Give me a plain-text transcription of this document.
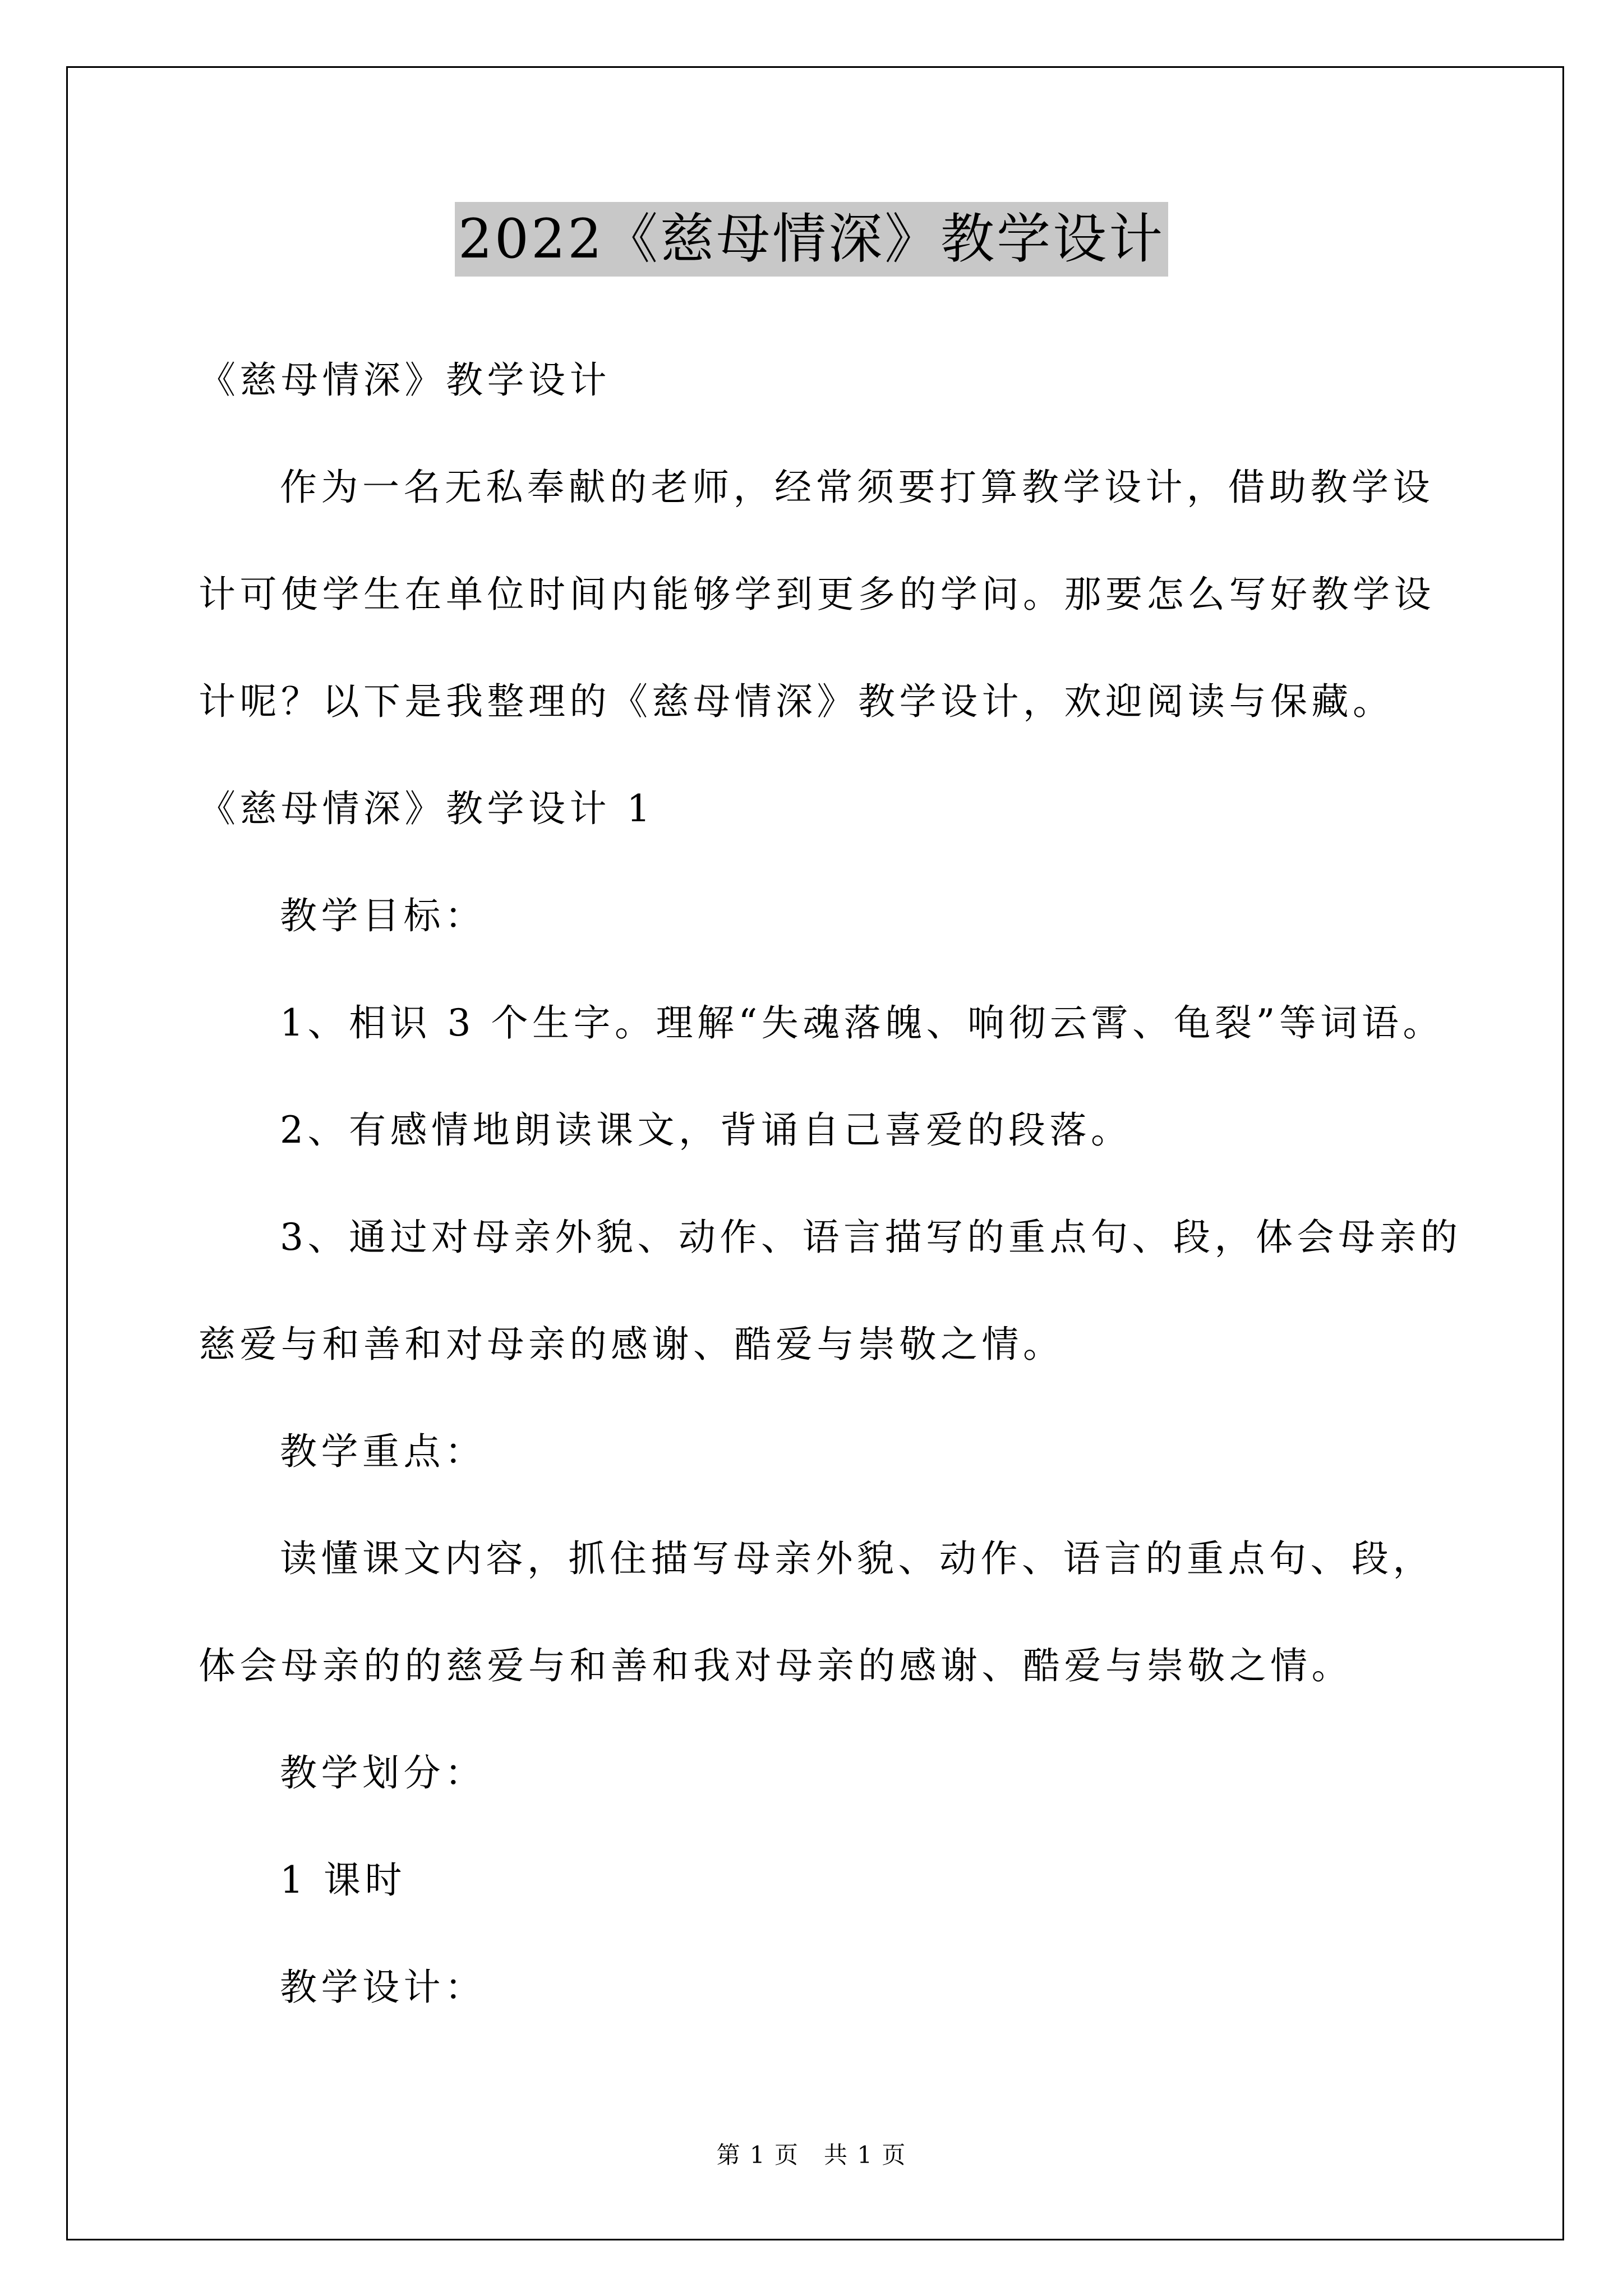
2022《慈母情深》教学设计
《慈母情深》教学设计
作为一名无私奉献的老师，经常须要打算教学设计，借助教学设
计可使学生在单位时间内能够学到更多的学问。那要怎么写好教学设
计呢？以下是我整理的《慈母情深》教学设计，欢迎阅读与保藏。
《慈母情深》教学设计 1
教学目标：
1、相识 3 个生字。理解“失魂落魄、响彻云霄、龟裂”等词语。
2、有感情地朗读课文，背诵自己喜爱的段落。
3、通过对母亲外貌、动作、语言描写的重点句、段，体会母亲的
慈爱与和善和对母亲的感谢、酷爱与崇敬之情。
教学重点：
读懂课文内容，抓住描写母亲外貌、动作、语言的重点句、段，
体会母亲的的慈爱与和善和我对母亲的感谢、酷爱与崇敬之情。
教学划分：
1 课时
教学设计：
第 1 页　共 1 页
